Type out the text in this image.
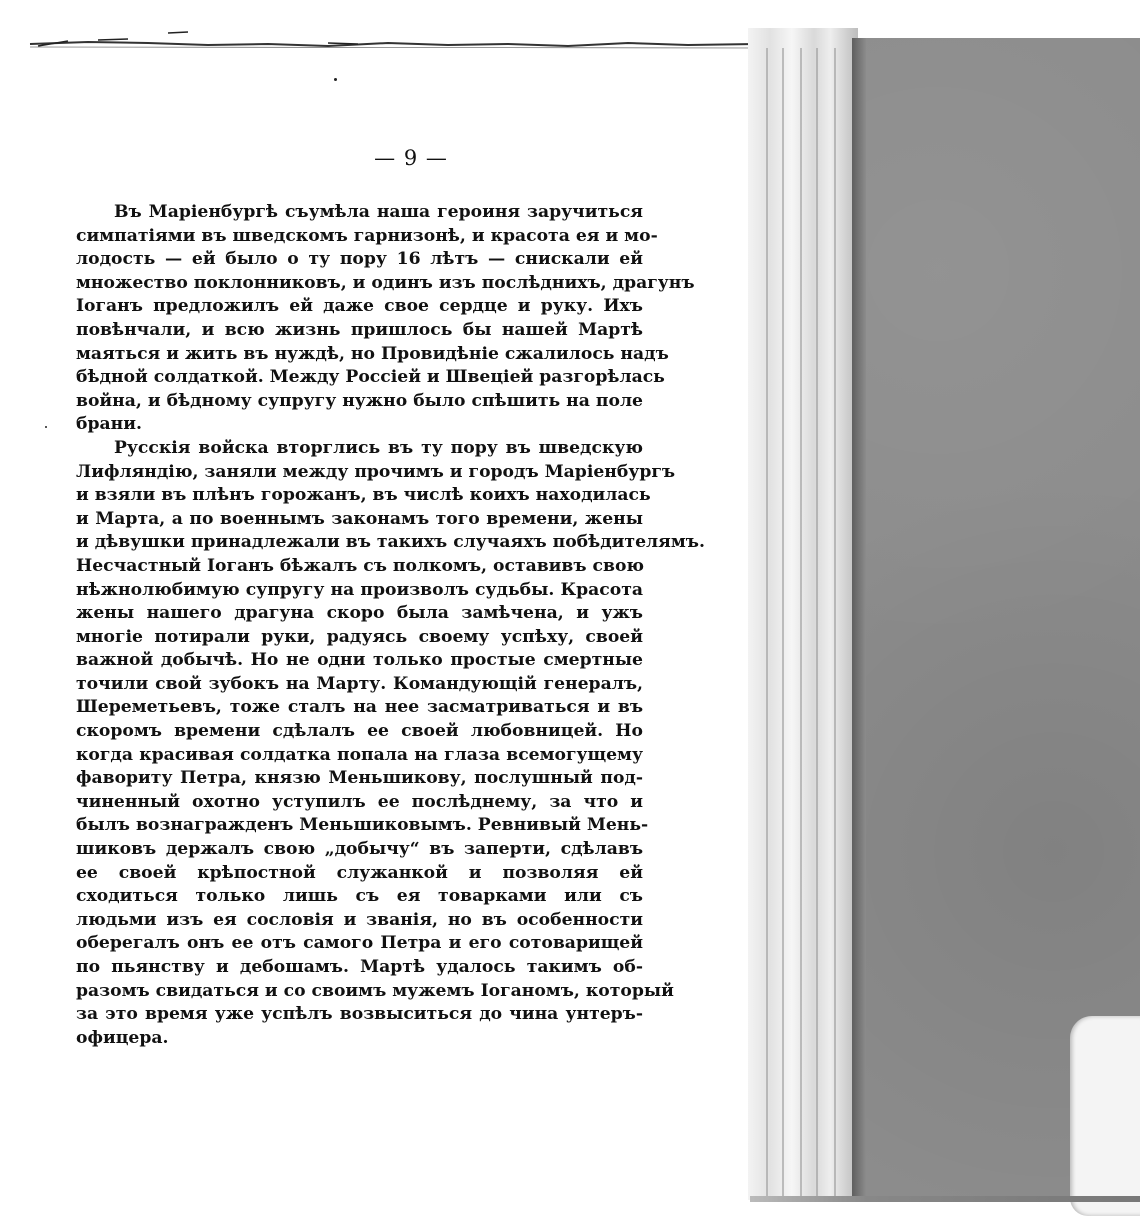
— 9 —
Въ Маріенбургѣ съумѣла наша героиня заручиться
симпатіями въ шведскомъ гарнизонѣ, и красота ея и мо-
лодость — ей было о ту пору 16 лѣтъ — снискали ей
множество поклонниковъ, и одинъ изъ послѣднихъ, драгунъ
Іоганъ предложилъ ей даже свое сердце и руку. Ихъ
повѣнчали, и всю жизнь пришлось бы нашей Мартѣ
маяться и жить въ нуждѣ, но Провидѣніе сжалилось надъ
бѣдной солдаткой. Между Россіей и Швеціей разгорѣлась
война, и бѣдному супругу нужно было спѣшить на поле
брани.
Русскія войска вторглись въ ту пору въ шведскую
Лифляндію, заняли между прочимъ и городъ Маріенбургъ
и взяли въ плѣнъ горожанъ, въ числѣ коихъ находилась
и Марта, а по военнымъ законамъ того времени, жены
и дѣвушки принадлежали въ такихъ случаяхъ побѣдителямъ.
Несчастный Іоганъ бѣжалъ съ полкомъ, оставивъ свою
нѣжнолюбимую супругу на произволъ судьбы. Красота
жены нашего драгуна скоро была замѣчена, и ужъ
многіе потирали руки, радуясь своему успѣху, своей
важной добычѣ. Но не одни только простые смертные
точили свой зубокъ на Марту. Командующій генералъ,
Шереметьевъ, тоже сталъ на нее засматриваться и въ
скоромъ времени сдѣлалъ ее своей любовницей. Но
когда красивая солдатка попала на глаза всемогущему
фавориту Петра, князю Меньшикову, послушный под-
чиненный охотно уступилъ ее послѣднему, за что и
былъ вознагражденъ Меньшиковымъ. Ревнивый Мень-
шиковъ держалъ свою „добычу“ въ заперти, сдѣлавъ
ее своей крѣпостной служанкой и позволяя ей
сходиться только лишь съ ея товарками или съ
людьми изъ ея сословія и званія, но въ особенности
оберегалъ онъ ее отъ самого Петра и его сотоварищей
по пьянству и дебошамъ. Мартѣ удалось такимъ об-
разомъ свидаться и со своимъ мужемъ Іоганомъ, который
за это время уже успѣлъ возвыситься до чина унтеръ-
офицера.
